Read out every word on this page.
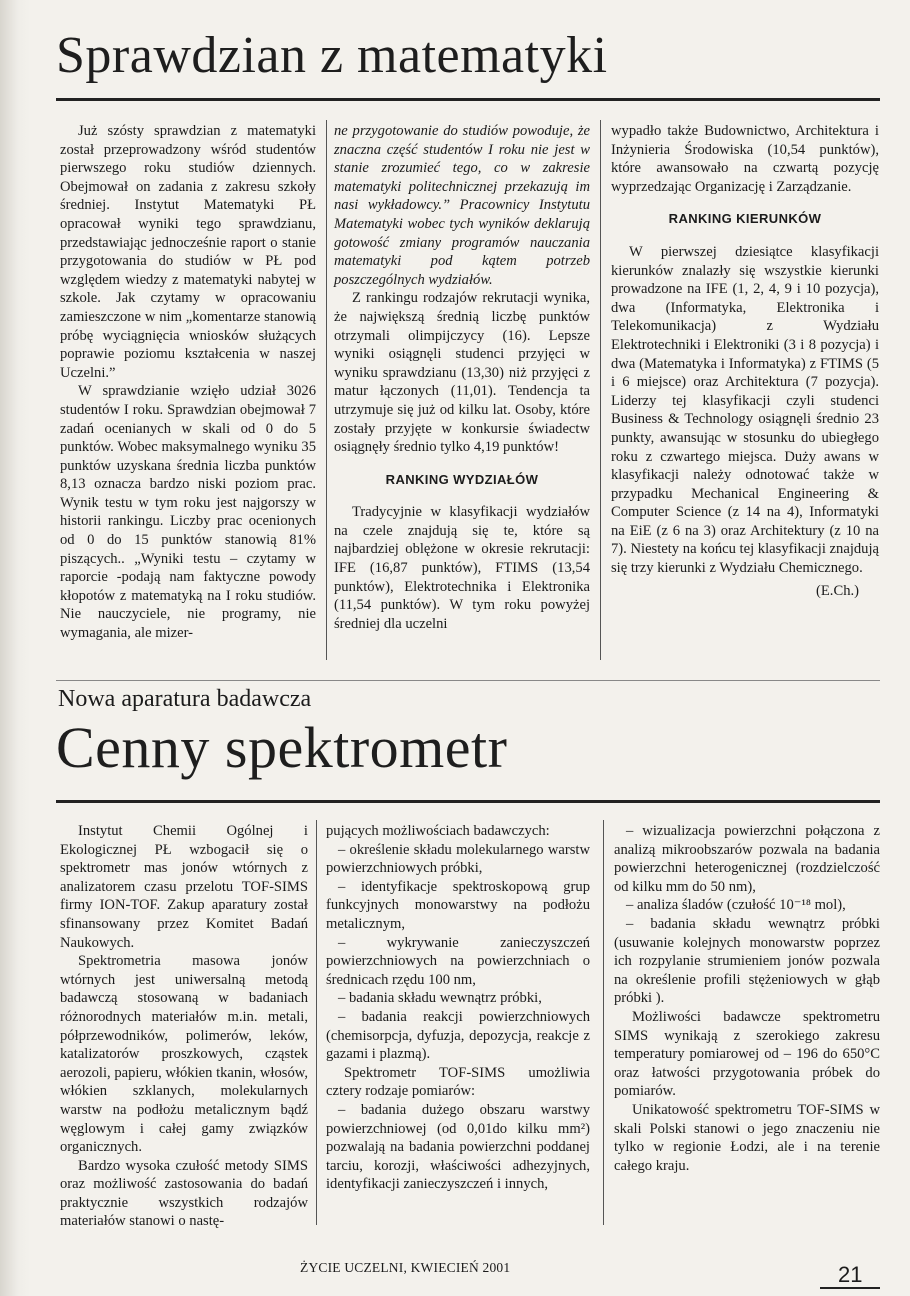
Sprawdzian z matematyki

Już szósty sprawdzian z matematyki został przeprowadzony wśród studentów pierwszego roku studiów dziennych. Obejmował on zadania z zakresu szkoły średniej. Instytut Matematyki PŁ opracował wyniki tego sprawdzianu, przedstawiając jednocześnie raport o stanie przygotowania do studiów w PŁ pod względem wiedzy z matematyki nabytej w szkole. Jak czytamy w opracowaniu zamieszczone w nim „komentarze stanowią próbę wyciągnięcia wniosków służących poprawie poziomu kształcenia w naszej Uczelni.”

W sprawdzianie wzięło udział 3026 studentów I roku. Sprawdzian obejmował 7 zadań ocenianych w skali od 0 do 5 punktów. Wobec maksymalnego wyniku 35 punktów uzyskana średnia liczba punktów 8,13 oznacza bardzo niski poziom prac. Wynik testu w tym roku jest najgorszy w historii rankingu. Liczby prac ocenionych od 0 do 15 punktów stanowią 81% piszących.. „Wyniki testu – czytamy w raporcie -podają nam faktyczne powody kłopotów z matematyką na I roku studiów. Nie nauczyciele, nie programy, nie wymagania, ale mizer-

ne przygotowanie do studiów powoduje, że znaczna część studentów I roku nie jest w stanie zrozumieć tego, co w zakresie matematyki politechnicznej przekazują im nasi wykładowcy.” Pracownicy Instytutu Matematyki wobec tych wyników deklarują gotowość zmiany programów nauczania matematyki pod kątem potrzeb poszczególnych wydziałów.

Z rankingu rodzajów rekrutacji wynika, że największą średnią liczbę punktów otrzymali olimpijczycy (16). Lepsze wyniki osiągnęli studenci przyjęci w wyniku sprawdzianu (13,30) niż przyjęci z matur łączonych (11,01). Tendencja ta utrzymuje się już od kilku lat. Osoby, które zostały przyjęte w konkursie świadectw osiągnęły średnio tylko 4,19 punktów!

RANKING WYDZIAŁÓW

Tradycyjnie w klasyfikacji wydziałów na czele znajdują się te, które są najbardziej oblężone w okresie rekrutacji: IFE (16,87 punktów), FTIMS (13,54 punktów), Elektrotechnika i Elektronika (11,54 punktów). W tym roku powyżej średniej dla uczelni

wypadło także Budownictwo, Architektura i Inżynieria Środowiska (10,54 punktów), które awansowało na czwartą pozycję wyprzedzając Organizację i Zarządzanie.

RANKING KIERUNKÓW

W pierwszej dziesiątce klasyfikacji kierunków znalazły się wszystkie kierunki prowadzone na IFE (1, 2, 4, 9 i 10 pozycja), dwa (Informatyka, Elektronika i Telekomunikacja) z Wydziału Elektrotechniki i Elektroniki (3 i 8 pozycja) i dwa (Matematyka i Informatyka) z FTIMS (5 i 6 miejsce) oraz Architektura (7 pozycja). Liderzy tej klasyfikacji czyli studenci Business & Technology osiągnęli średnio 23 punkty, awansując w stosunku do ubiegłego roku z czwartego miejsca. Duży awans w klasyfikacji należy odnotować także w przypadku Mechanical Engineering & Computer Science (z 14 na 4), Informatyki na EiE (z 6 na 3) oraz Architektury (z 10 na 7). Niestety na końcu tej klasyfikacji znajdują się trzy kierunki z Wydziału Chemicznego.

(E.Ch.)

Nowa aparatura badawcza
Cenny spektrometr

Instytut Chemii Ogólnej i Ekologicznej PŁ wzbogacił się o spektrometr mas jonów wtórnych z analizatorem czasu przelotu TOF-SIMS firmy ION-TOF. Zakup aparatury został sfinansowany przez Komitet Badań Naukowych.

Spektrometria masowa jonów wtórnych jest uniwersalną metodą badawczą stosowaną w badaniach różnorodnych materiałów m.in. metali, półprzewodników, polimerów, leków, katalizatorów proszkowych, cząstek aerozoli, papieru, włókien tkanin, włosów, włókien szklanych, molekularnych warstw na podłożu metalicznym bądź węglowym i całej gamy związków organicznych.

Bardzo wysoka czułość metody SIMS oraz możliwość zastosowania do badań praktycznie wszystkich rodzajów materiałów stanowi o nastę-

pujących możliwościach badawczych:

– określenie składu molekularnego warstw powierzchniowych próbki,

– identyfikacje spektroskopową grup funkcyjnych monowarstwy na podłożu metalicznym,

– wykrywanie zanieczyszczeń powierzchniowych na powierzchniach o średnicach rzędu 100 nm,

– badania składu wewnątrz próbki,

– badania reakcji powierzchniowych (chemisorpcja, dyfuzja, depozycja, reakcje z gazami i plazmą).

Spektrometr TOF-SIMS umożliwia cztery rodzaje pomiarów:

– badania dużego obszaru warstwy powierzchniowej (od 0,01do kilku mm²) pozwalają na badania powierzchni poddanej tarciu, korozji, właściwości adhezyjnych, identyfikacji zanieczyszczeń i innych,

– wizualizacja powierzchni połączona z analizą mikroobszarów pozwala na badania powierzchni heterogenicznej (rozdzielczość od kilku mm do 50 nm),

– analiza śladów (czułość 10⁻¹⁸ mol),

– badania składu wewnątrz próbki (usuwanie kolejnych monowarstw poprzez ich rozpylanie strumieniem jonów pozwala na określenie profili stężeniowych w głąb próbki ).

Możliwości badawcze spektrometru SIMS wynikają z szerokiego zakresu temperatury pomiarowej od – 196 do 650°C oraz łatwości przygotowania próbek do pomiarów.

Unikatowość spektrometru TOF-SIMS w skali Polski stanowi o jego znaczeniu nie tylko w regionie Łodzi, ale i na terenie całego kraju.

ŻYCIE UCZELNI, KWIECIEŃ 2001	21
